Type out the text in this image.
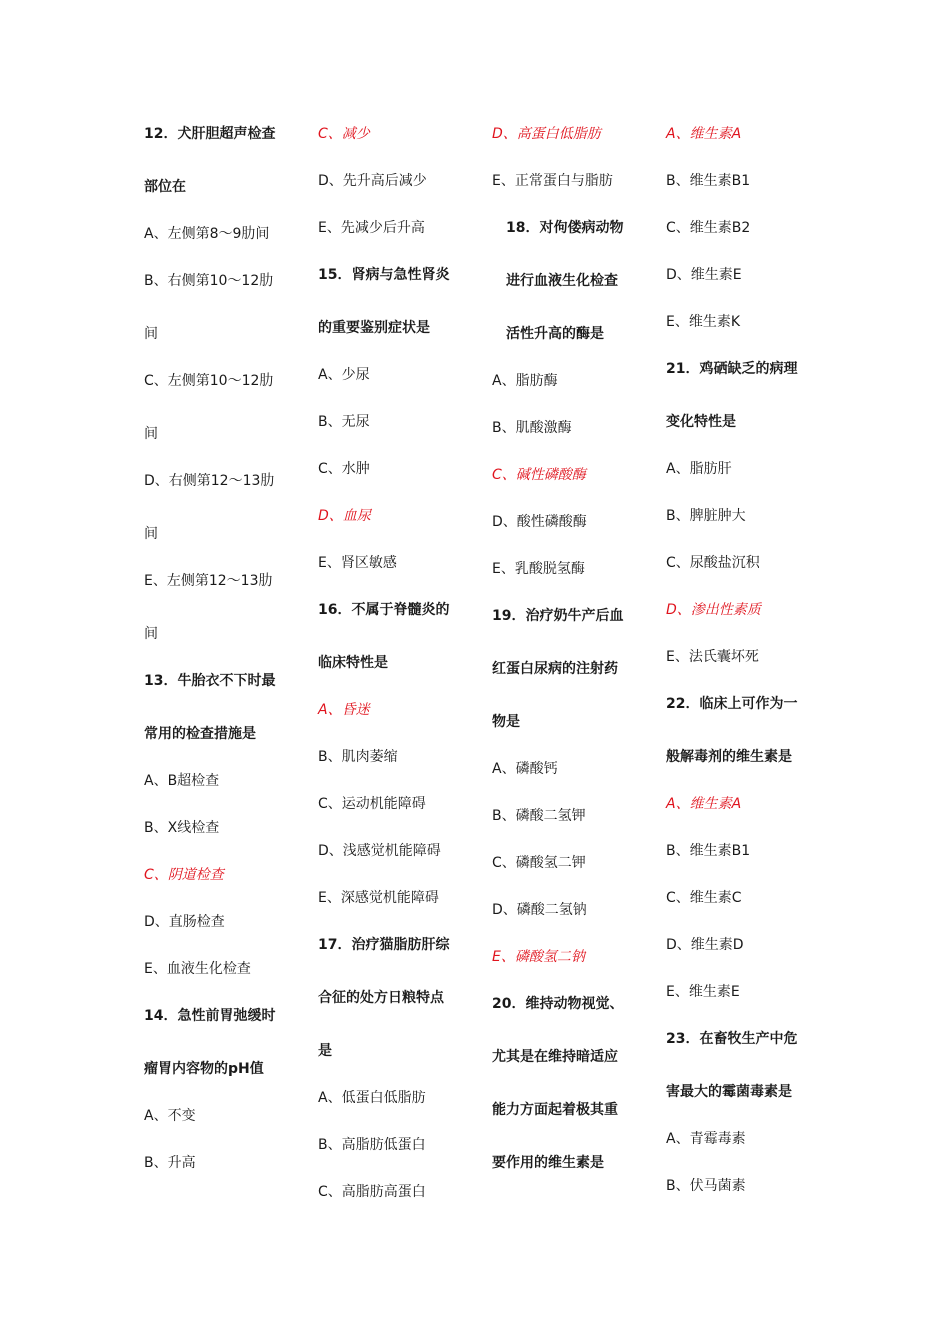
12．犬肝胆超声检查
部位在
A、左侧第8～9肋间
B、右侧第10～12肋
间
C、左侧第10～12肋
间
D、右侧第12～13肋
间
E、左侧第12～13肋
间
13．牛胎衣不下时最
常用的检查措施是
A、B超检查
B、X线检查
C、阴道检查
D、直肠检查
E、血液生化检查
14．急性前胃弛缓时
瘤胃内容物的pH值
A、不变
B、升高
C、减少
D、先升高后减少
E、先减少后升高
15．肾病与急性肾炎
的重要鉴别症状是
A、少尿
B、无尿
C、水肿
D、血尿
E、肾区敏感
16．不属于脊髓炎的
临床特性是
A、昏迷
B、肌肉萎缩
C、运动机能障碍
D、浅感觉机能障碍
E、深感觉机能障碍
17．治疗猫脂肪肝综
合征的处方日粮特点
是
A、低蛋白低脂肪
B、高脂肪低蛋白
C、高脂肪高蛋白
D、高蛋白低脂肪
E、正常蛋白与脂肪
18．对佝偻病动物
进行血液生化检查
活性升高的酶是
A、脂肪酶
B、肌酸激酶
C、碱性磷酸酶
D、酸性磷酸酶
E、乳酸脱氢酶
19．治疗奶牛产后血
红蛋白尿病的注射药
物是
A、磷酸钙
B、磷酸二氢钾
C、磷酸氢二钾
D、磷酸二氢钠
E、磷酸氢二钠
20．维持动物视觉、
尤其是在维持暗适应
能力方面起着极其重
要作用的维生素是
A、维生素A
B、维生素B1
C、维生素B2
D、维生素E
E、维生素K
21．鸡硒缺乏的病理
变化特性是
A、脂肪肝
B、脾脏肿大
C、尿酸盐沉积
D、渗出性素质
E、法氏囊坏死
22．临床上可作为一
般解毒剂的维生素是
A、维生素A
B、维生素B1
C、维生素C
D、维生素D
E、维生素E
23．在畜牧生产中危
害最大的霉菌毒素是
A、青霉毒素
B、伏马菌素
